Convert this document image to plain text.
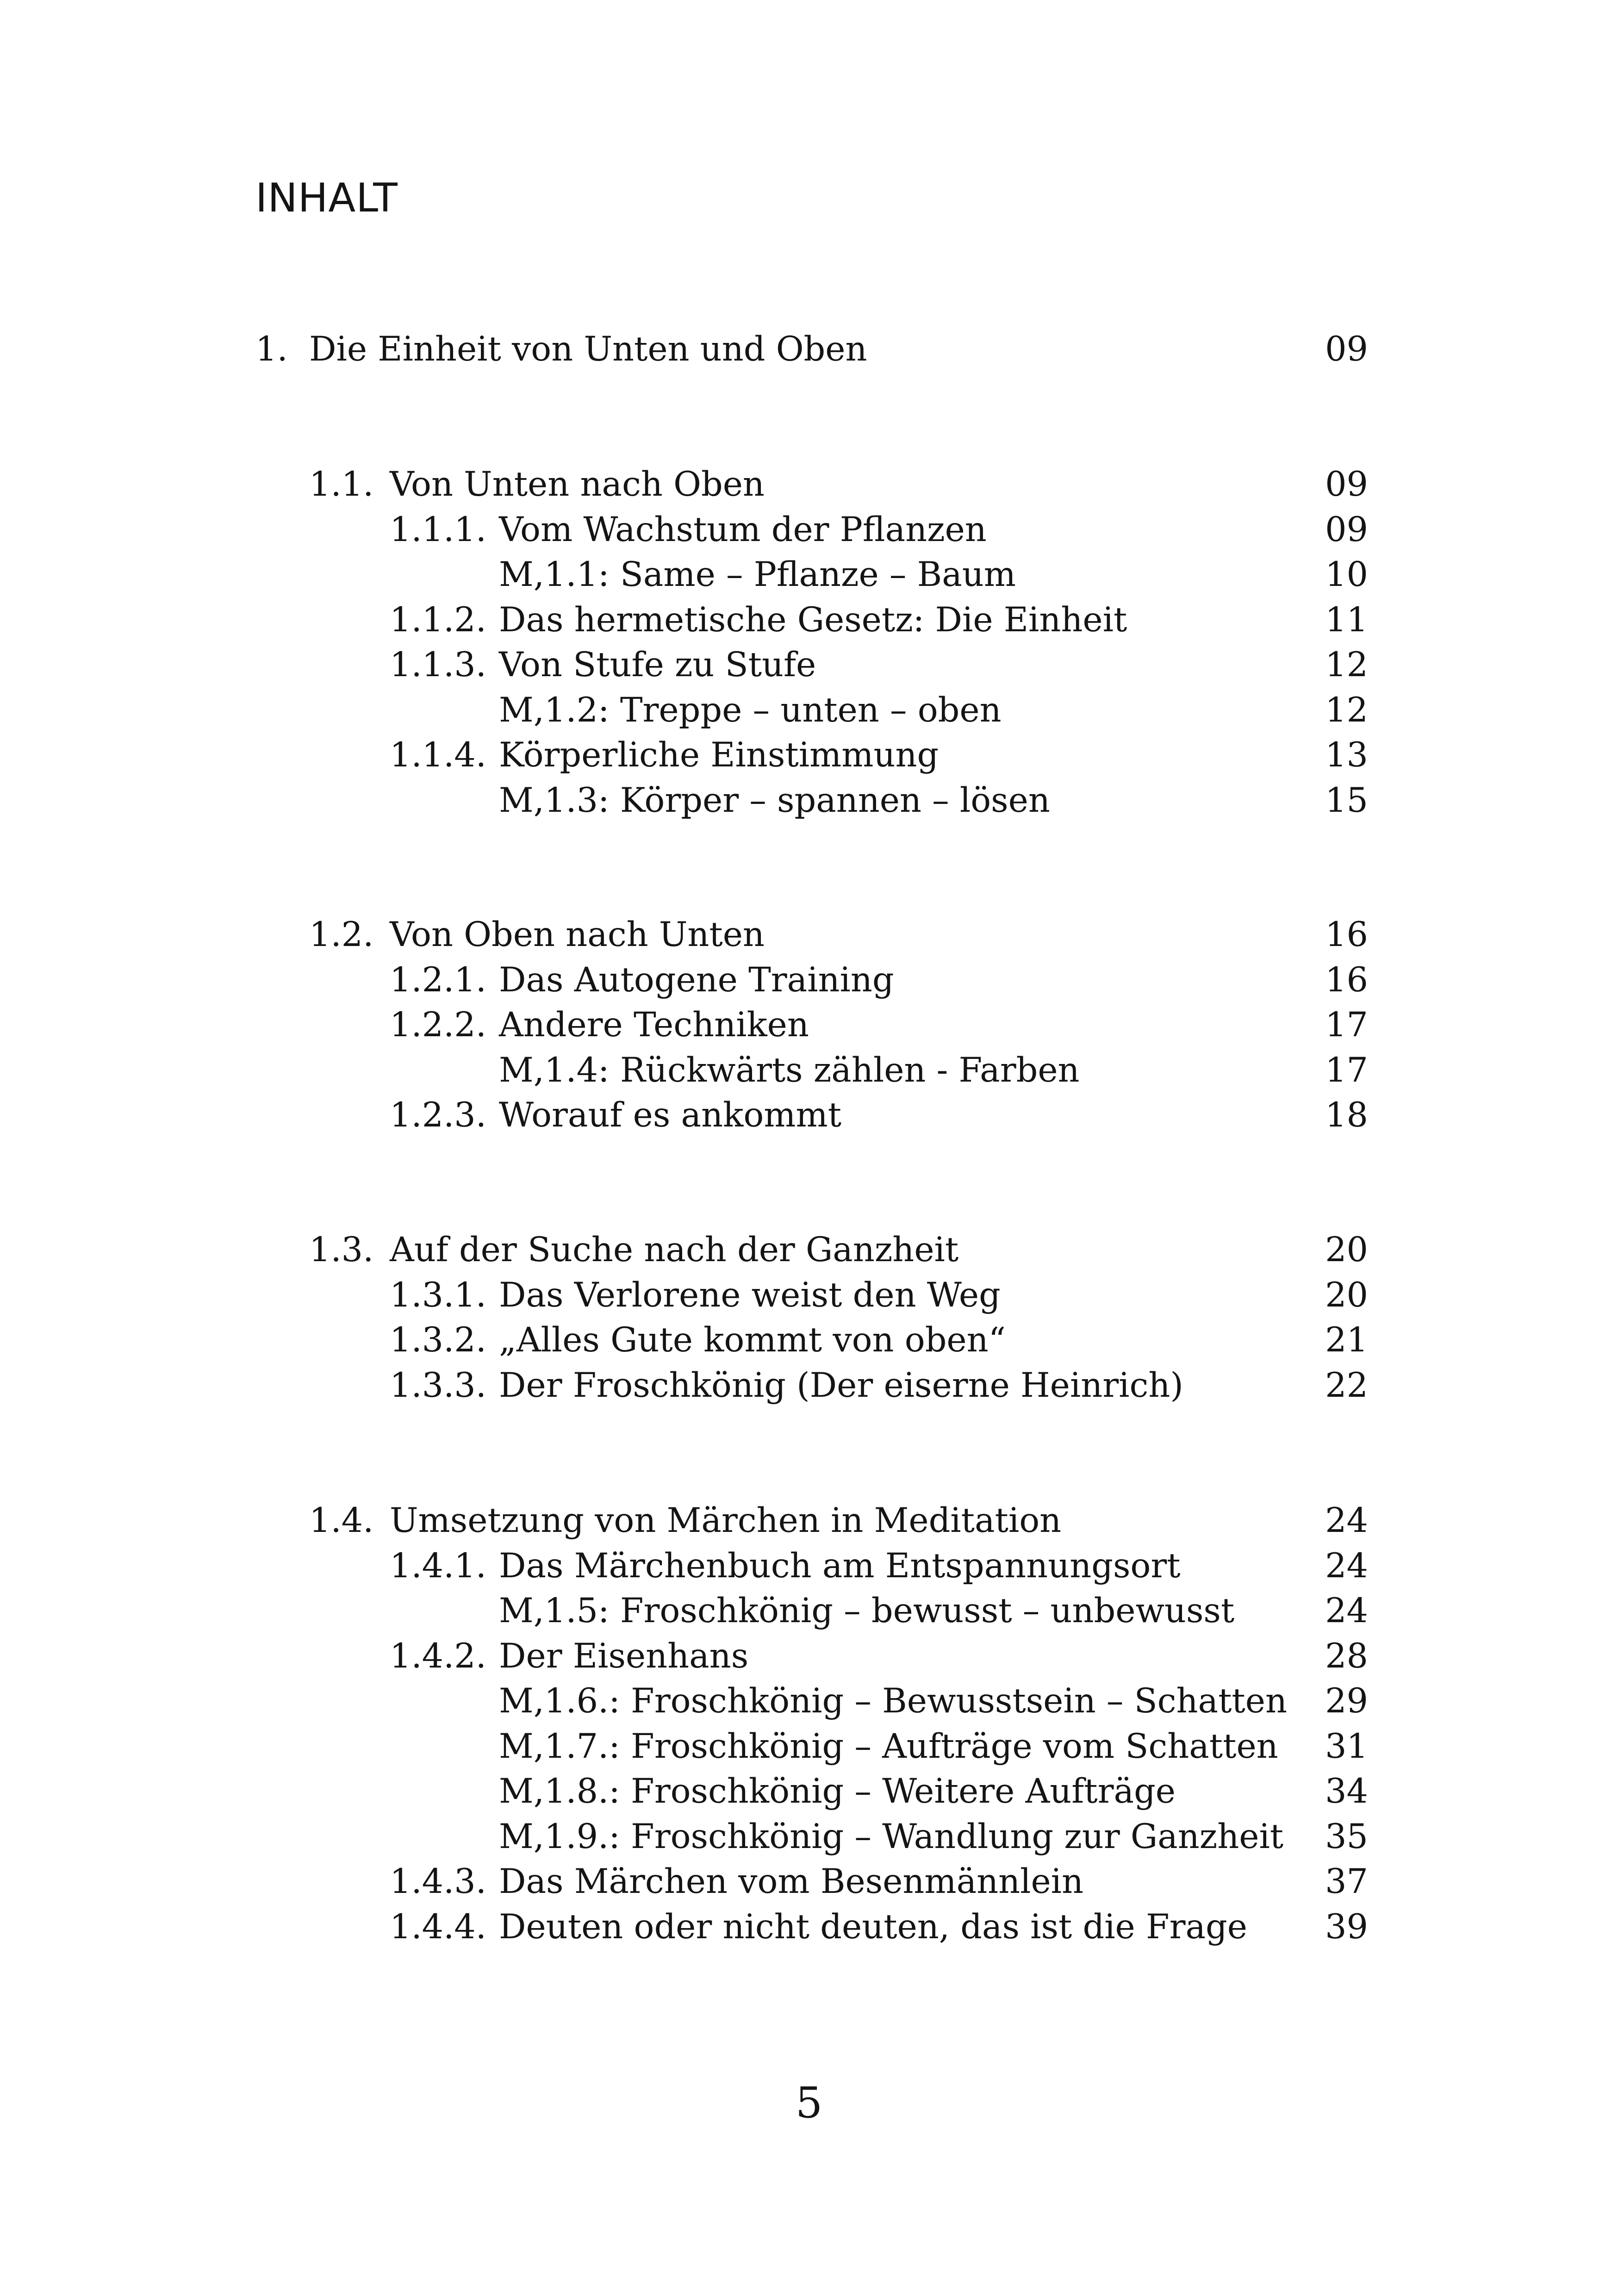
INHALT
1. Die Einheit von Unten und Oben	09
1.1. Von Unten nach Oben	09
1.1.1. Vom Wachstum der Pflanzen	09
M,1.1: Same – Pflanze – Baum	10
1.1.2. Das hermetische Gesetz: Die Einheit	11
1.1.3. Von Stufe zu Stufe	12
M,1.2: Treppe – unten – oben	12
1.1.4. Körperliche Einstimmung	13
M,1.3: Körper – spannen – lösen	15
1.2. Von Oben nach Unten	16
1.2.1. Das Autogene Training	16
1.2.2. Andere Techniken	17
M,1.4: Rückwärts zählen - Farben	17
1.2.3. Worauf es ankommt	18
1.3. Auf der Suche nach der Ganzheit	20
1.3.1. Das Verlorene weist den Weg	20
1.3.2. „Alles Gute kommt von oben“	21
1.3.3. Der Froschkönig (Der eiserne Heinrich)	22
1.4. Umsetzung von Märchen in Meditation	24
1.4.1. Das Märchenbuch am Entspannungsort	24
M,1.5: Froschkönig – bewusst – unbewusst	24
1.4.2. Der Eisenhans	28
M,1.6.: Froschkönig – Bewusstsein – Schatten 29
M,1.7.: Froschkönig – Aufträge vom Schatten 31
M,1.8.: Froschkönig – Weitere Aufträge	34
M,1.9.: Froschkönig – Wandlung zur Ganzheit 35
1.4.3. Das Märchen vom Besenmännlein	37
1.4.4. Deuten oder nicht deuten, das ist die Frage 39
5
